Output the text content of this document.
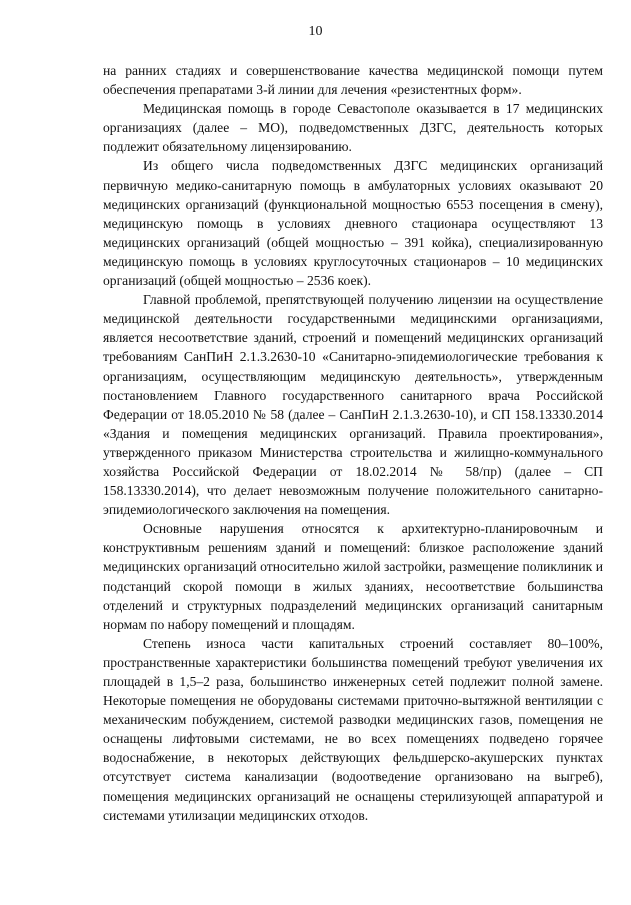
10

на ранних стадиях и совершенствование качества медицинской помощи путем обеспечения препаратами 3-й линии для лечения «резистентных форм».

Медицинская помощь в городе Севастополе оказывается в 17 медицинских организациях (далее – МО), подведомственных ДЗГС, деятельность которых подлежит обязательному лицензированию.

Из общего числа подведомственных ДЗГС медицинских организаций первичную медико-санитарную помощь в амбулаторных условиях оказывают 20 медицинских организаций (функциональной мощностью 6553 посещения в смену), медицинскую помощь в условиях дневного стационара осуществляют 13 медицинских организаций (общей мощностью – 391 койка), специализированную медицинскую помощь в условиях круглосуточных стационаров – 10 медицинских организаций (общей мощностью – 2536 коек).

Главной проблемой, препятствующей получению лицензии на осуществление медицинской деятельности государственными медицинскими организациями, является несоответствие зданий, строений и помещений медицинских организаций требованиям СанПиН 2.1.3.2630-10 «Санитарно-эпидемиологические требования к организациям, осуществляющим медицинскую деятельность», утвержденным постановлением Главного государственного санитарного врача Российской Федерации от 18.05.2010 № 58 (далее – СанПиН 2.1.3.2630-10), и СП 158.13330.2014 «Здания и помещения медицинских организаций. Правила проектирования», утвержденного приказом Министерства строительства и жилищно-коммунального хозяйства Российской Федерации от 18.02.2014 № 58/пр) (далее – СП 158.13330.2014), что делает невозможным получение положительного санитарно-эпидемиологического заключения на помещения.

Основные нарушения относятся к архитектурно-планировочным и конструктивным решениям зданий и помещений: близкое расположение зданий медицинских организаций относительно жилой застройки, размещение поликлиник и подстанций скорой помощи в жилых зданиях, несоответствие большинства отделений и структурных подразделений медицинских организаций санитарным нормам по набору помещений и площадям.

Степень износа части капитальных строений составляет 80–100%, пространственные характеристики большинства помещений требуют увеличения их площадей в 1,5–2 раза, большинство инженерных сетей подлежит полной замене. Некоторые помещения не оборудованы системами приточно-вытяжной вентиляции с механическим побуждением, системой разводки медицинских газов, помещения не оснащены лифтовыми системами, не во всех помещениях подведено горячее водоснабжение, в некоторых действующих фельдшерско-акушерских пунктах отсутствует система канализации (водоотведение организовано на выгреб), помещения медицинских организаций не оснащены стерилизующей аппаратурой и системами утилизации медицинских отходов.
